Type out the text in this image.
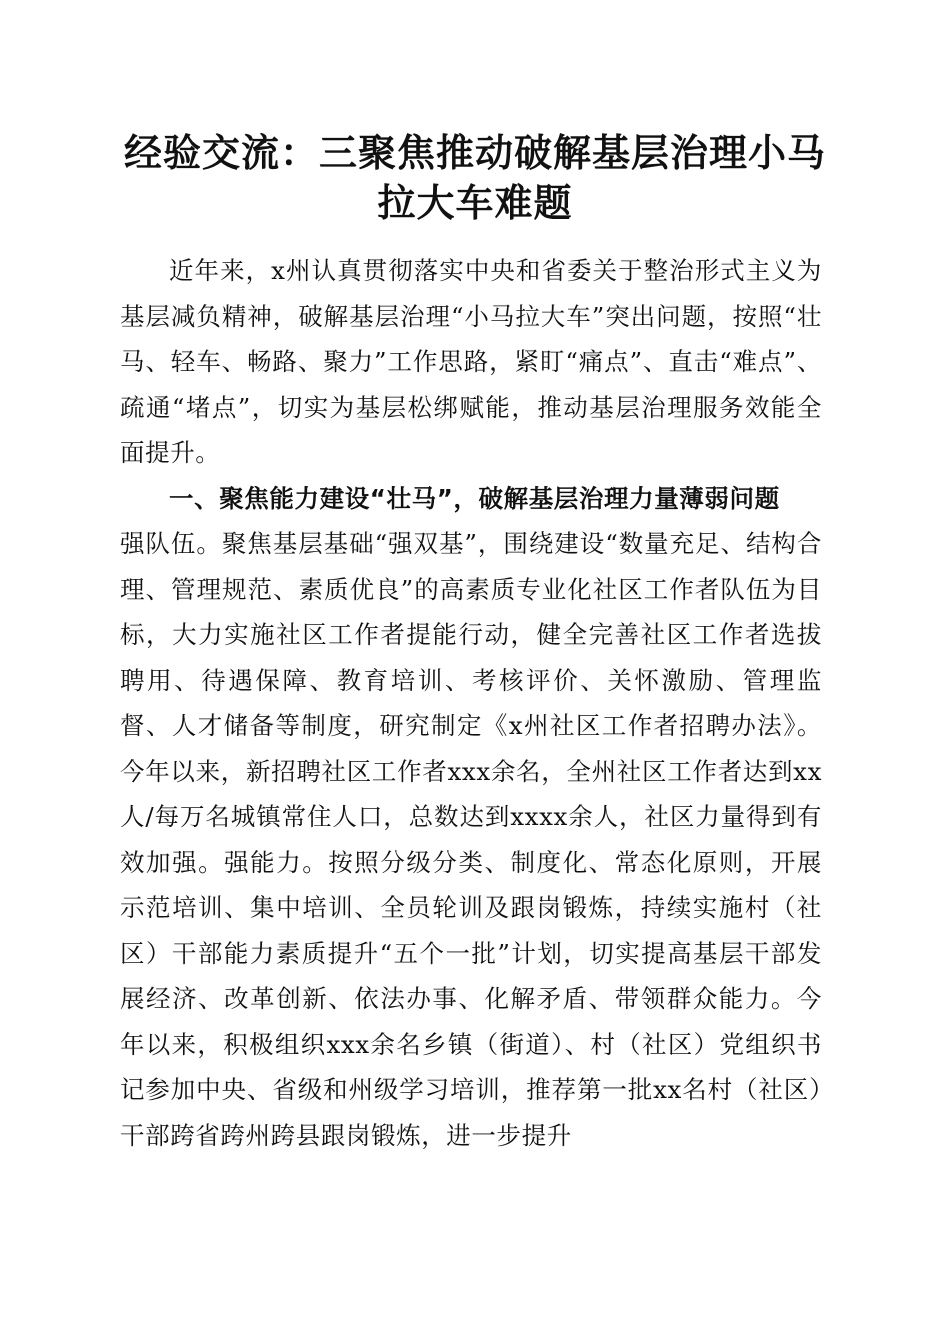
经验交流：三聚焦推动破解基层治理小马拉大车难题

近年来，x州认真贯彻落实中央和省委关于整治形式主义为基层减负精神，破解基层治理“小马拉大车”突出问题，按照“壮马、轻车、畅路、聚力”工作思路，紧盯“痛点”、直击“难点”、疏通“堵点”，切实为基层松绑赋能，推动基层治理服务效能全面提升。

一、聚焦能力建设“壮马”，破解基层治理力量薄弱问题

强队伍。聚焦基层基础“强双基”，围绕建设“数量充足、结构合理、管理规范、素质优良”的高素质专业化社区工作者队伍为目标，大力实施社区工作者提能行动，健全完善社区工作者选拔聘用、待遇保障、教育培训、考核评价、关怀激励、管理监督、人才储备等制度，研究制定《x州社区工作者招聘办法》。今年以来，新招聘社区工作者xxx余名，全州社区工作者达到xx人/每万名城镇常住人口，总数达到xxxx余人，社区力量得到有效加强。强能力。按照分级分类、制度化、常态化原则，开展示范培训、集中培训、全员轮训及跟岗锻炼，持续实施村（社区）干部能力素质提升“五个一批”计划，切实提高基层干部发展经济、改革创新、依法办事、化解矛盾、带领群众能力。今年以来，积极组织xxx余名乡镇（街道）、村（社区）党组织书记参加中央、省级和州级学习培训，推荐第一批xx名村（社区）干部跨省跨州跨县跟岗锻炼，进一步提升
